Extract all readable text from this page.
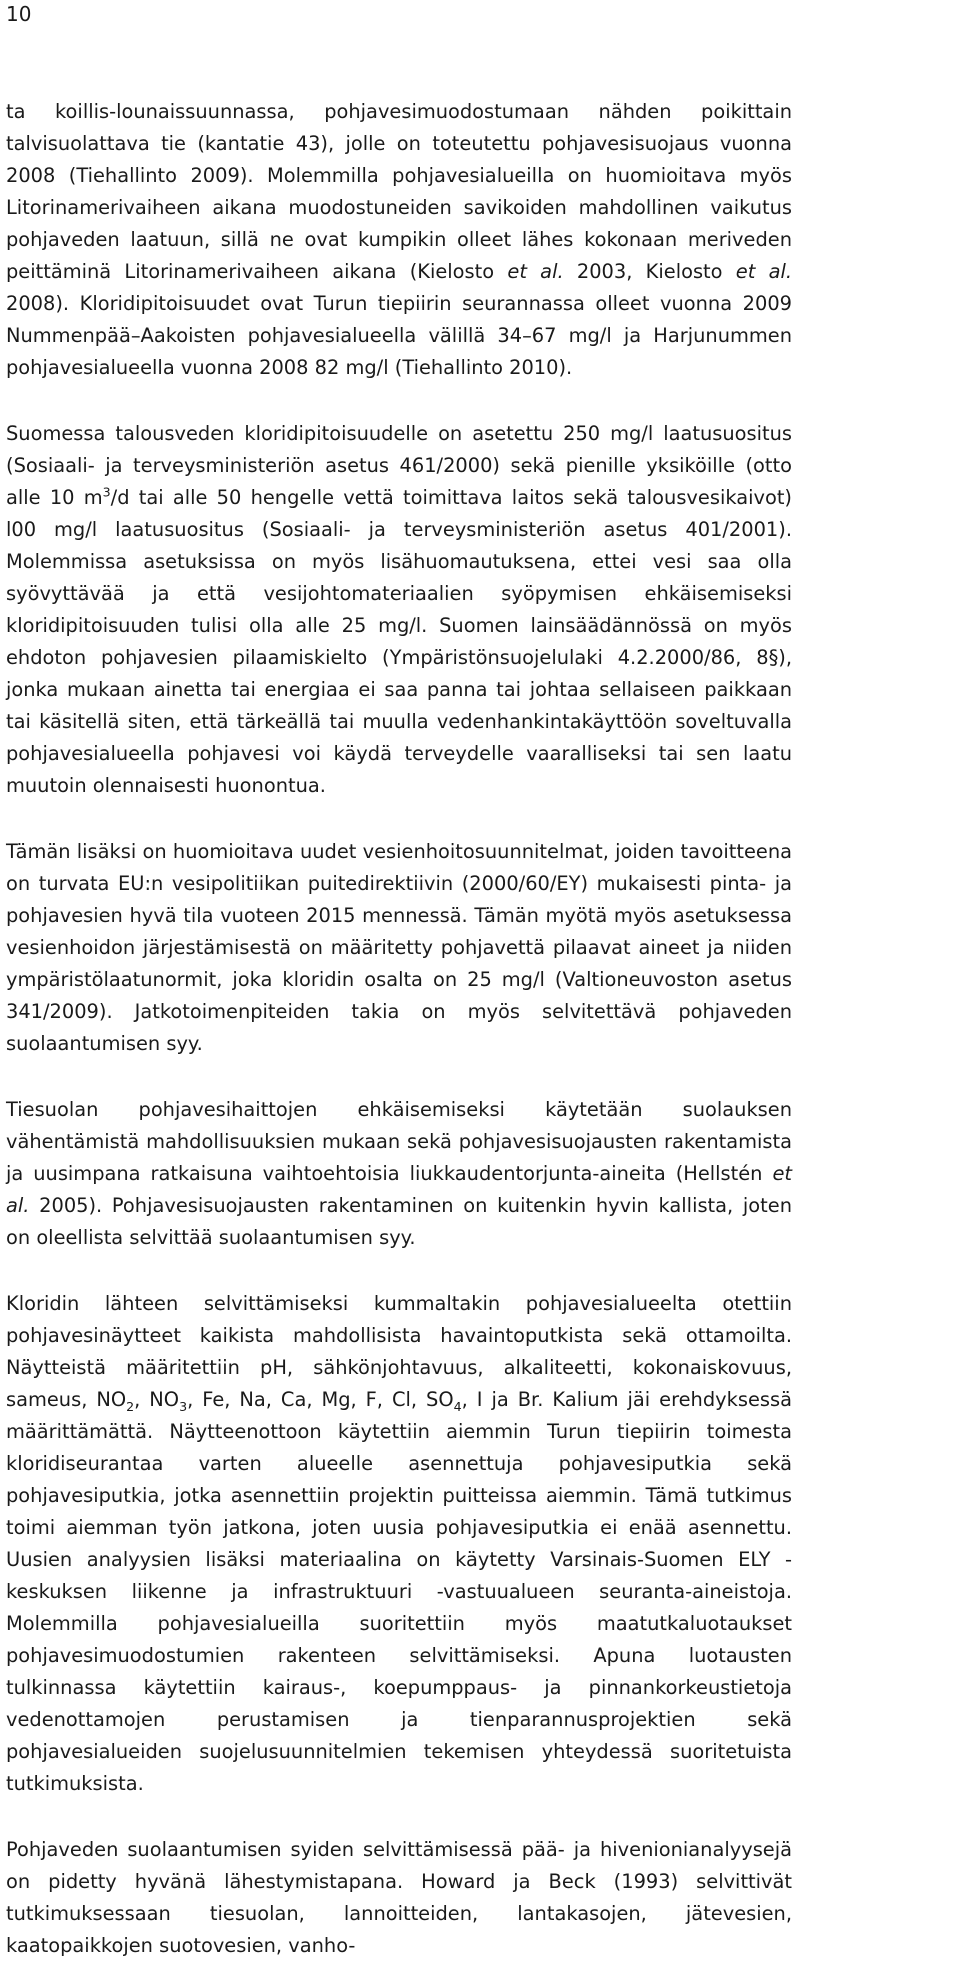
10

ta koillis-lounaissuunnassa, pohjavesimuodostumaan nähden poikittain talvisuolattava tie (kantatie 43), jolle on toteutettu pohjavesisuojaus vuonna 2008 (Tiehallinto 2009). Molemmilla pohjavesialueilla on huomioitava myös Litorinamerivaiheen aikana muodostuneiden savikoiden mahdollinen vaikutus pohjaveden laatuun, sillä ne ovat kumpikin olleet lähes kokonaan meriveden peittäminä Litorinamerivaiheen aikana (Kielosto et al. 2003, Kielosto et al. 2008). Kloridipitoisuudet ovat Turun tiepiirin seurannassa olleet vuonna 2009 Nummenpää–Aakoisten pohjavesialueella välillä 34–67 mg/l ja Harjunummen pohjavesialueella vuonna 2008 82 mg/l (Tiehallinto 2010).

Suomessa talousveden kloridipitoisuudelle on asetettu 250 mg/l laatusuositus (Sosiaali- ja terveysministeriön asetus 461/2000) sekä pienille yksiköille (otto alle 10 $m^3/d$ tai alle 50 hengelle vettä toimittava laitos sekä talousvesikaivot) l00 mg/l laatusuositus (Sosiaali- ja terveysministeriön asetus 401/2001). Molemmissa asetuksissa on myös lisähuomautuksena, ettei vesi saa olla syövyttävää ja että vesijohtomateriaalien syöpymisen ehkäisemiseksi kloridipitoisuuden tulisi olla alle 25 mg/l. Suomen lainsäädännössä on myös ehdoton pohjavesien pilaamiskielto (Ympäristönsuojelulaki 4.2.2000/86, 8§), jonka mukaan ainetta tai energiaa ei saa panna tai johtaa sellaiseen paikkaan tai käsitellä siten, että tärkeällä tai muulla vedenhankintakäyttöön soveltuvalla pohjavesialueella pohjavesi voi käydä terveydelle vaaralliseksi tai sen laatu muutoin olennaisesti huonontua.

Tämän lisäksi on huomioitava uudet vesienhoitosuunnitelmat, joiden tavoitteena on turvata EU:n vesipolitiikan puitedirektiivin (2000/60/EY) mukaisesti pinta- ja pohjavesien hyvä tila vuoteen 2015 mennessä. Tämän myötä myös asetuksessa vesienhoidon järjestämisestä on määritetty pohjavettä pilaavat aineet ja niiden ympäristölaatunormit, joka kloridin osalta on 25 mg/l (Valtioneuvoston asetus 341/2009). Jatkotoimenpiteiden takia on myös selvitettävä pohjaveden suolaantumisen syy.

Tiesuolan pohjavesihaittojen ehkäisemiseksi käytetään suolauksen vähentämistä mahdollisuuksien mukaan sekä pohjavesisuojausten rakentamista ja uusimpana ratkaisuna vaihtoehtoisia liukkaudentorjunta-aineita (Hellstén et al. 2005). Pohjavesisuojausten rakentaminen on kuitenkin hyvin kallista, joten on oleellista selvittää suolaantumisen syy.

Kloridin lähteen selvittämiseksi kummaltakin pohjavesialueelta otettiin pohjavesinäytteet kaikista mahdollisista havaintoputkista sekä ottamoilta. Näytteistä määritettiin pH, sähkönjohtavuus, alkaliteetti, kokonaiskovuus, sameus, $NO_2$, $NO_3$, Fe, Na, Ca, Mg, F, Cl, $SO_4$, I ja Br. Kalium jäi erehdyksessä määrittämättä. Näytteenottoon käytettiin aiemmin Turun tiepiirin toimesta kloridiseurantaa varten alueelle asennettuja pohjavesiputkia sekä pohjavesiputkia, jotka asennettiin projektin puitteissa aiemmin. Tämä tutkimus toimi aiemman työn jatkona, joten uusia pohjavesiputkia ei enää asennettu. Uusien analyysien lisäksi materiaalina on käytetty Varsinais-Suomen ELY -keskuksen liikenne ja infrastruktuuri -vastuualueen seuranta-aineistoja. Molemmilla pohjavesialueilla suoritettiin myös maatutkaluotaukset pohjavesimuodostumien rakenteen selvittämiseksi. Apuna luotausten tulkinnassa käytettiin kairaus-, koepumppaus- ja pinnankorkeustietoja vedenottamojen perustamisen ja tienparannusprojektien sekä pohjavesialueiden suojelusuunnitelmien tekemisen yhteydessä suoritetuista tutkimuksista.

Pohjaveden suolaantumisen syiden selvittämisessä pää- ja hivenionianalyysejä on pidetty hyvänä lähestymistapana. Howard ja Beck (1993) selvittivät tutkimuksessaan tiesuolan, lannoitteiden, lantakasojen, jätevesien, kaatopaikkojen suotovesien, vanho-
